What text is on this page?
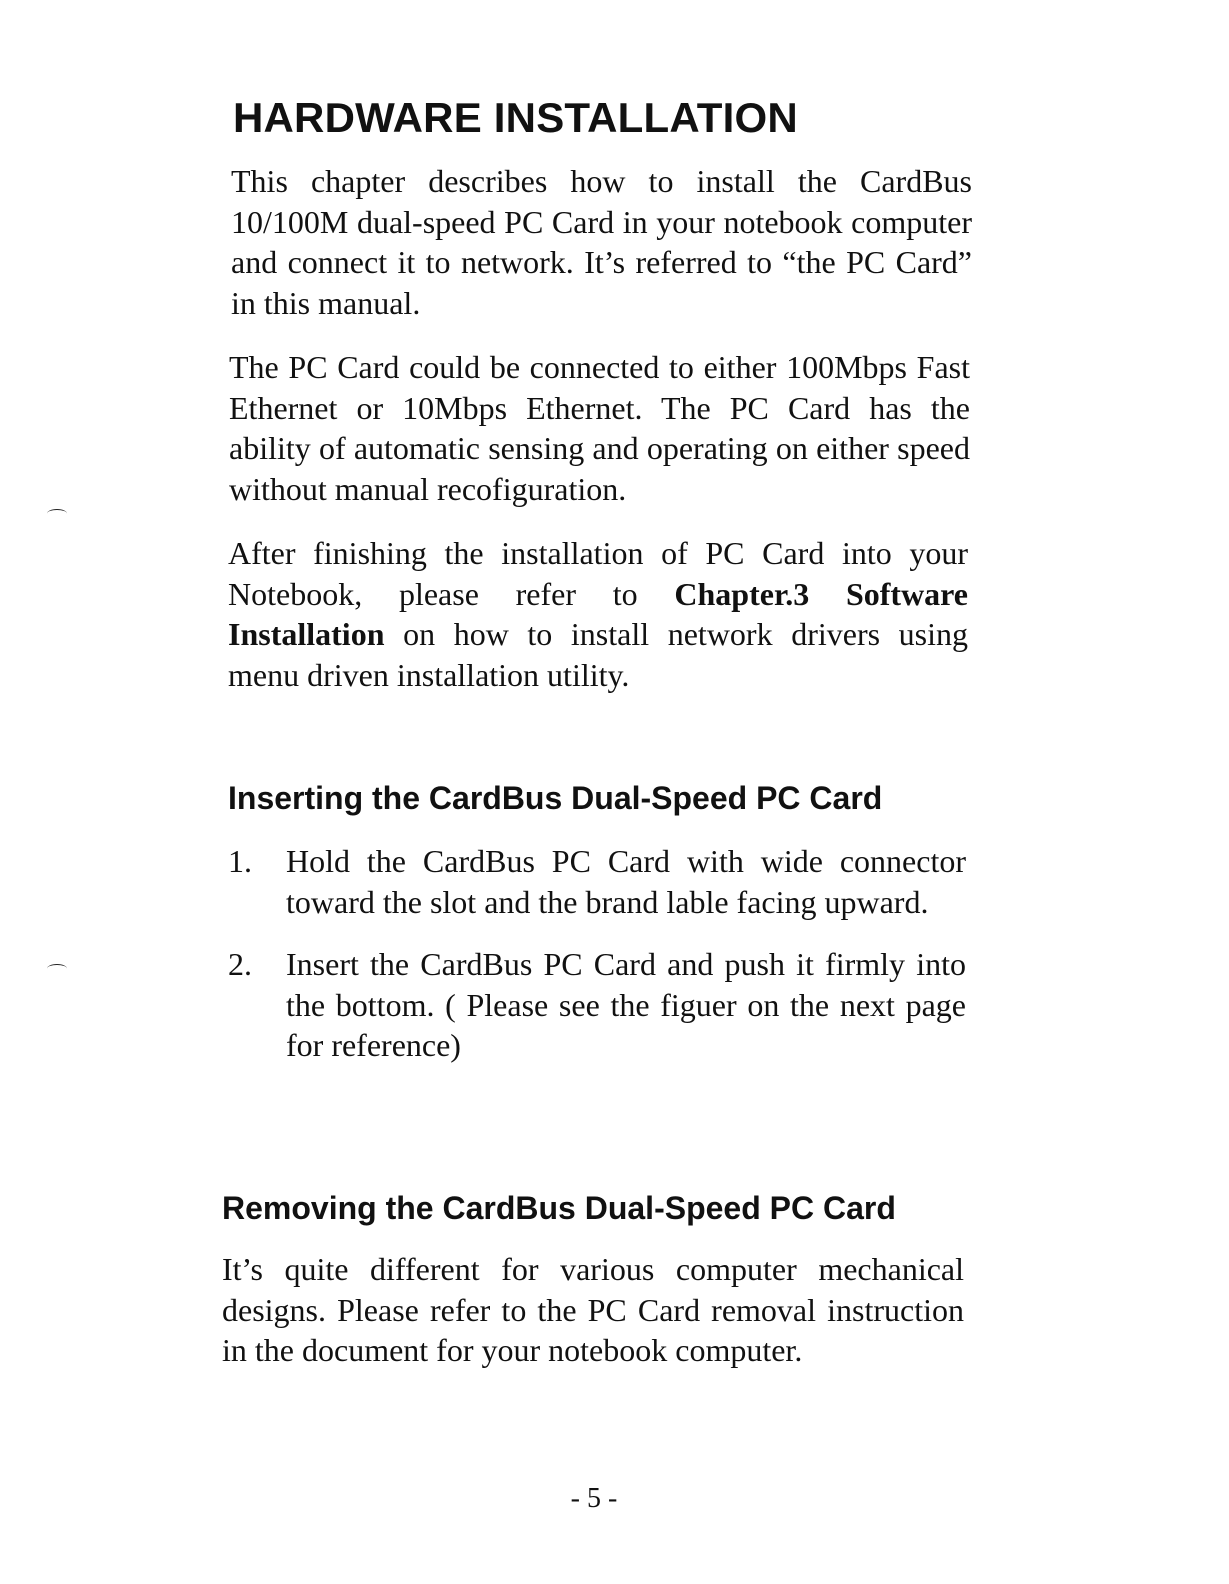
HARDWARE INSTALLATION

This chapter describes how to install the CardBus 10/100M dual-speed PC Card in your notebook computer and connect it to network. It’s referred to “the PC Card” in this manual.

The PC Card could be connected to either 100Mbps Fast Ethernet or 10Mbps Ethernet. The PC Card has the ability of automatic sensing and operating on either speed without manual recofiguration.

After finishing the installation of PC Card into your Notebook, please refer to Chapter.3 Software Installation on how to install network drivers using menu driven installation utility.

Inserting the CardBus Dual-Speed PC Card
1. Hold the CardBus PC Card with wide connector toward the slot and the brand lable facing upward.
2. Insert the CardBus PC Card and push it firmly into the bottom. ( Please see the figuer on the next page for reference)
Removing the CardBus Dual-Speed PC Card

It’s quite different for various computer mechanical designs. Please refer to the PC Card removal instruction in the document for your notebook computer.

- 5 -
